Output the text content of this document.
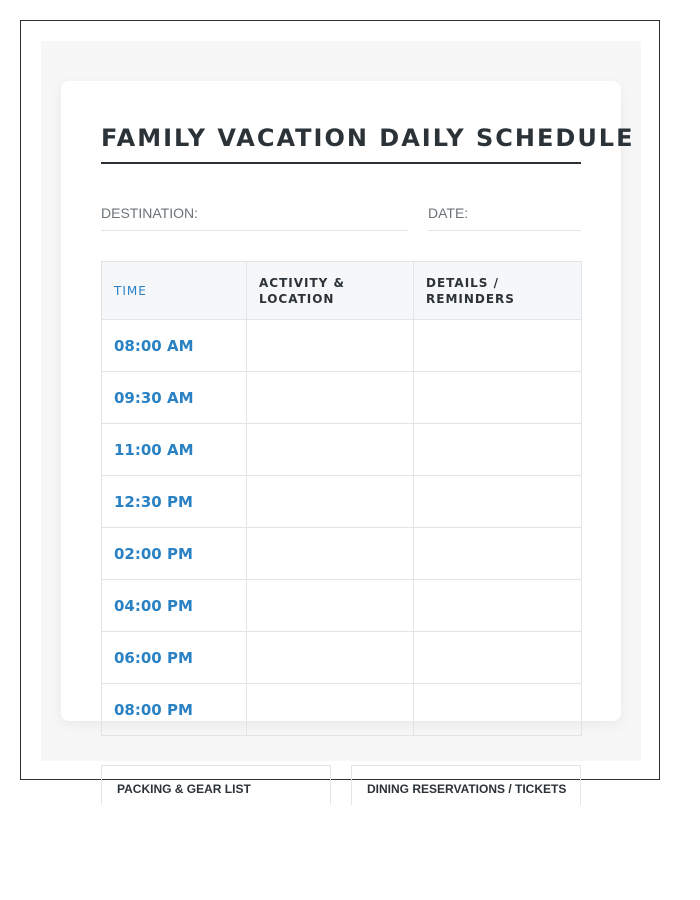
FAMILY VACATION DAILY SCHEDULE
DESTINATION:	DATE:
TIME	ACTIVITY & LOCATION	DETAILS / REMINDERS
08:00 AM		
09:30 AM		
11:00 AM		
12:30 PM		
02:00 PM		
04:00 PM		
06:00 PM		
08:00 PM		
PACKING & GEAR LIST	DINING RESERVATIONS / TICKETS
